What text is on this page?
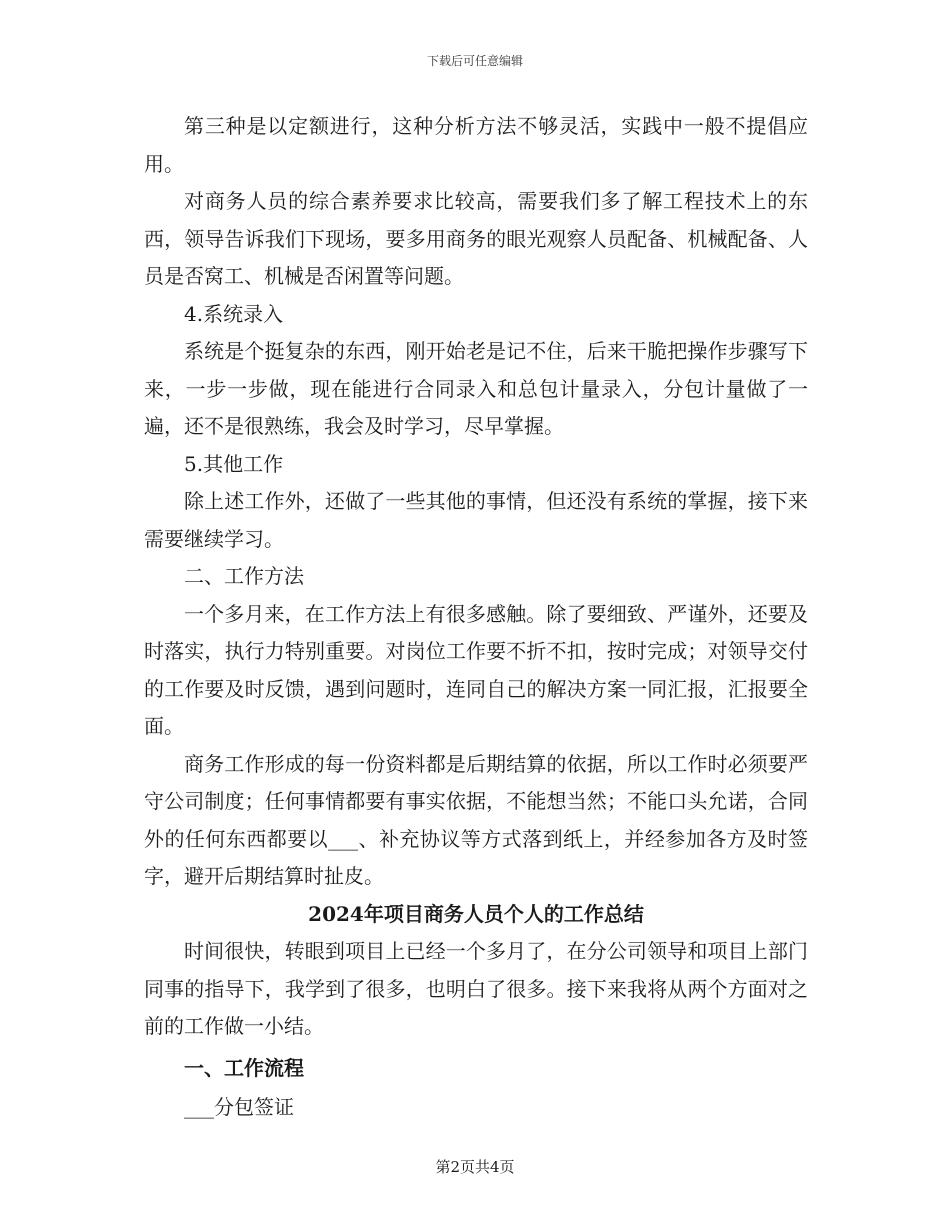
下载后可任意编辑

第三种是以定额进行，这种分析方法不够灵活，实践中一般不提倡应用。

对商务人员的综合素养要求比较高，需要我们多了解工程技术上的东西，领导告诉我们下现场，要多用商务的眼光观察人员配备、机械配备、人员是否窝工、机械是否闲置等问题。

4.系统录入

系统是个挺复杂的东西，刚开始老是记不住，后来干脆把操作步骤写下来，一步一步做，现在能进行合同录入和总包计量录入，分包计量做了一遍，还不是很熟练，我会及时学习，尽早掌握。

5.其他工作

除上述工作外，还做了一些其他的事情，但还没有系统的掌握，接下来需要继续学习。

二、工作方法

一个多月来，在工作方法上有很多感触。除了要细致、严谨外，还要及时落实，执行力特别重要。对岗位工作要不折不扣，按时完成；对领导交付的工作要及时反馈，遇到问题时，连同自己的解决方案一同汇报，汇报要全面。

商务工作形成的每一份资料都是后期结算的依据，所以工作时必须要严守公司制度；任何事情都要有事实依据，不能想当然；不能口头允诺，合同外的任何东西都要以___、补充协议等方式落到纸上，并经参加各方及时签字，避开后期结算时扯皮。

2024年项目商务人员个人的工作总结

时间很快，转眼到项目上已经一个多月了，在分公司领导和项目上部门同事的指导下，我学到了很多，也明白了很多。接下来我将从两个方面对之前的工作做一小结。

一、工作流程

___分包签证

第2页共4页
